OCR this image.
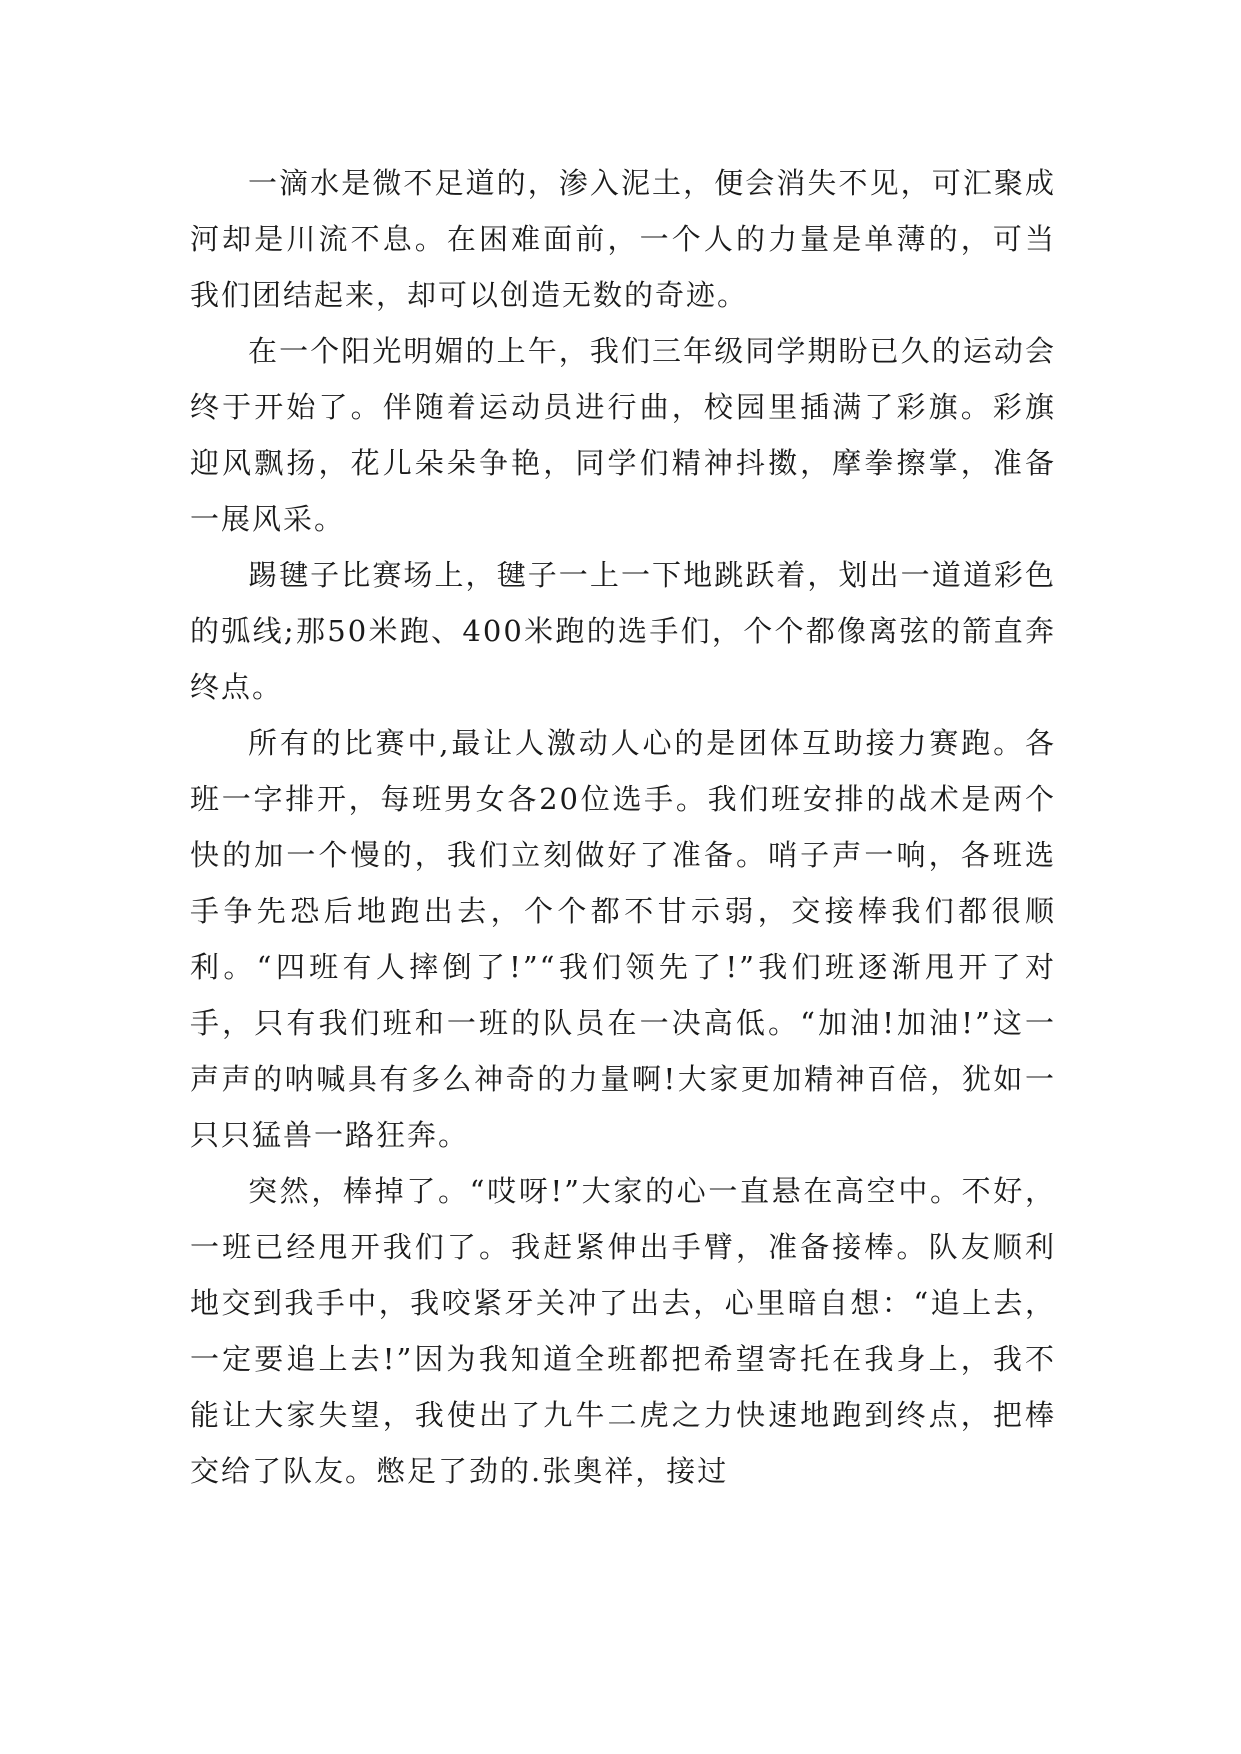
一滴水是微不足道的，渗入泥土，便会消失不见，可汇聚成河却是川流不息。在困难面前，一个人的力量是单薄的，可当我们团结起来，却可以创造无数的奇迹。

在一个阳光明媚的上午，我们三年级同学期盼已久的运动会终于开始了。伴随着运动员进行曲，校园里插满了彩旗。彩旗迎风飘扬，花儿朵朵争艳，同学们精神抖擞，摩拳擦掌，准备一展风采。

踢毽子比赛场上，毽子一上一下地跳跃着，划出一道道彩色的弧线;那50米跑、400米跑的选手们，个个都像离弦的箭直奔终点。

所有的比赛中,最让人激动人心的是团体互助接力赛跑。各班一字排开，每班男女各20位选手。我们班安排的战术是两个快的加一个慢的，我们立刻做好了准备。哨子声一响，各班选手争先恐后地跑出去，个个都不甘示弱，交接棒我们都很顺利。“四班有人摔倒了!”“我们领先了!”我们班逐渐甩开了对手，只有我们班和一班的队员在一决高低。“加油!加油!”这一声声的呐喊具有多么神奇的力量啊!大家更加精神百倍，犹如一只只猛兽一路狂奔。

突然，棒掉了。“哎呀!”大家的心一直悬在高空中。不好，一班已经甩开我们了。我赶紧伸出手臂，准备接棒。队友顺利地交到我手中，我咬紧牙关冲了出去，心里暗自想：“追上去，一定要追上去!”因为我知道全班都把希望寄托在我身上，我不能让大家失望，我使出了九牛二虎之力快速地跑到终点，把棒交给了队友。憋足了劲的.张奥祥，接过
